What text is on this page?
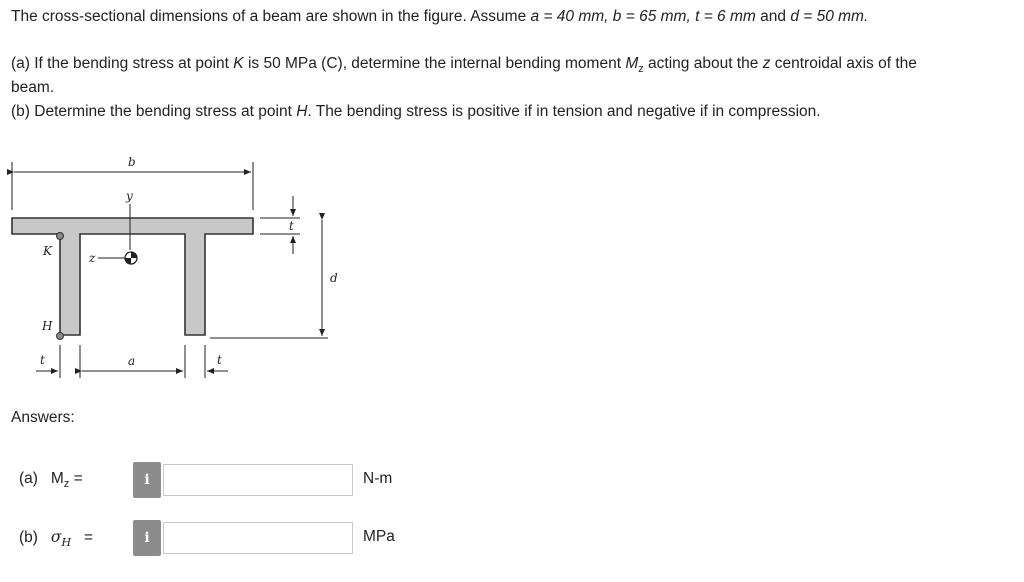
The cross-sectional dimensions of a beam are shown in the figure. Assume a = 40 mm, b = 65 mm, t = 6 mm and d = 50 mm.
(a) If the bending stress at point K is 50 MPa (C), determine the internal bending moment $M_z$ acting about the z centroidal axis of the
beam.
(b) Determine the bending stress at point H. The bending stress is positive if in tension and negative if in compression.
b
y
z
K
H
t
d
t	a	t
Answers:
(a) $M_z$ =	i	N-m
(b) $\sigma_H$ =	i	MPa
